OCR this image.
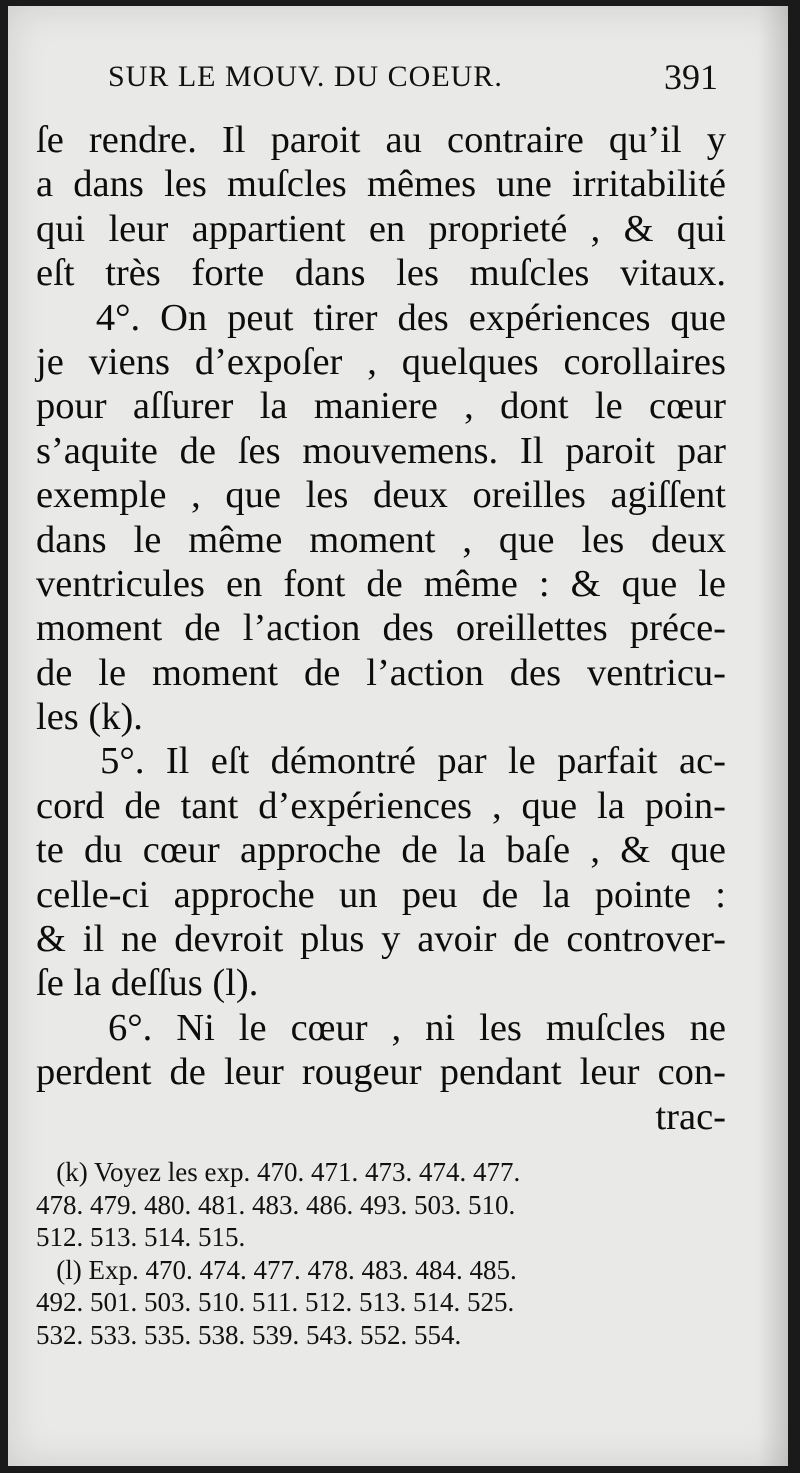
SUR LE MOUV. DU COEUR.	391
ſe rendre. Il paroit au contraire qu’il y
a dans les muſcles mêmes une irritabilité
qui leur appartient en proprieté , & qui
eſt très forte dans les muſcles vitaux.
4°. On peut tirer des expériences que
je viens d’expoſer , quelques corollaires
pour aſſurer la maniere , dont le cœur
s’aquite de ſes mouvemens. Il paroit par
exemple , que les deux oreilles agiſſent
dans le même moment , que les deux
ventricules en font de même : & que le
moment de l’action des oreillettes préce-
de le moment de l’action des ventricu-
les (k).
5°. Il eſt démontré par le parfait ac-
cord de tant d’expériences , que la poin-
te du cœur approche de la baſe , & que
celle-ci approche un peu de la pointe :
& il ne devroit plus y avoir de controver-
ſe la deſſus (l).
6°. Ni le cœur , ni les muſcles ne
perdent de leur rougeur pendant leur con-
trac-
(k) Voyez les exp. 470. 471. 473. 474. 477.
478. 479. 480. 481. 483. 486. 493. 503. 510.
512. 513. 514. 515.
(l) Exp. 470. 474. 477. 478. 483. 484. 485.
492. 501. 503. 510. 511. 512. 513. 514. 525.
532. 533. 535. 538. 539. 543. 552. 554.
